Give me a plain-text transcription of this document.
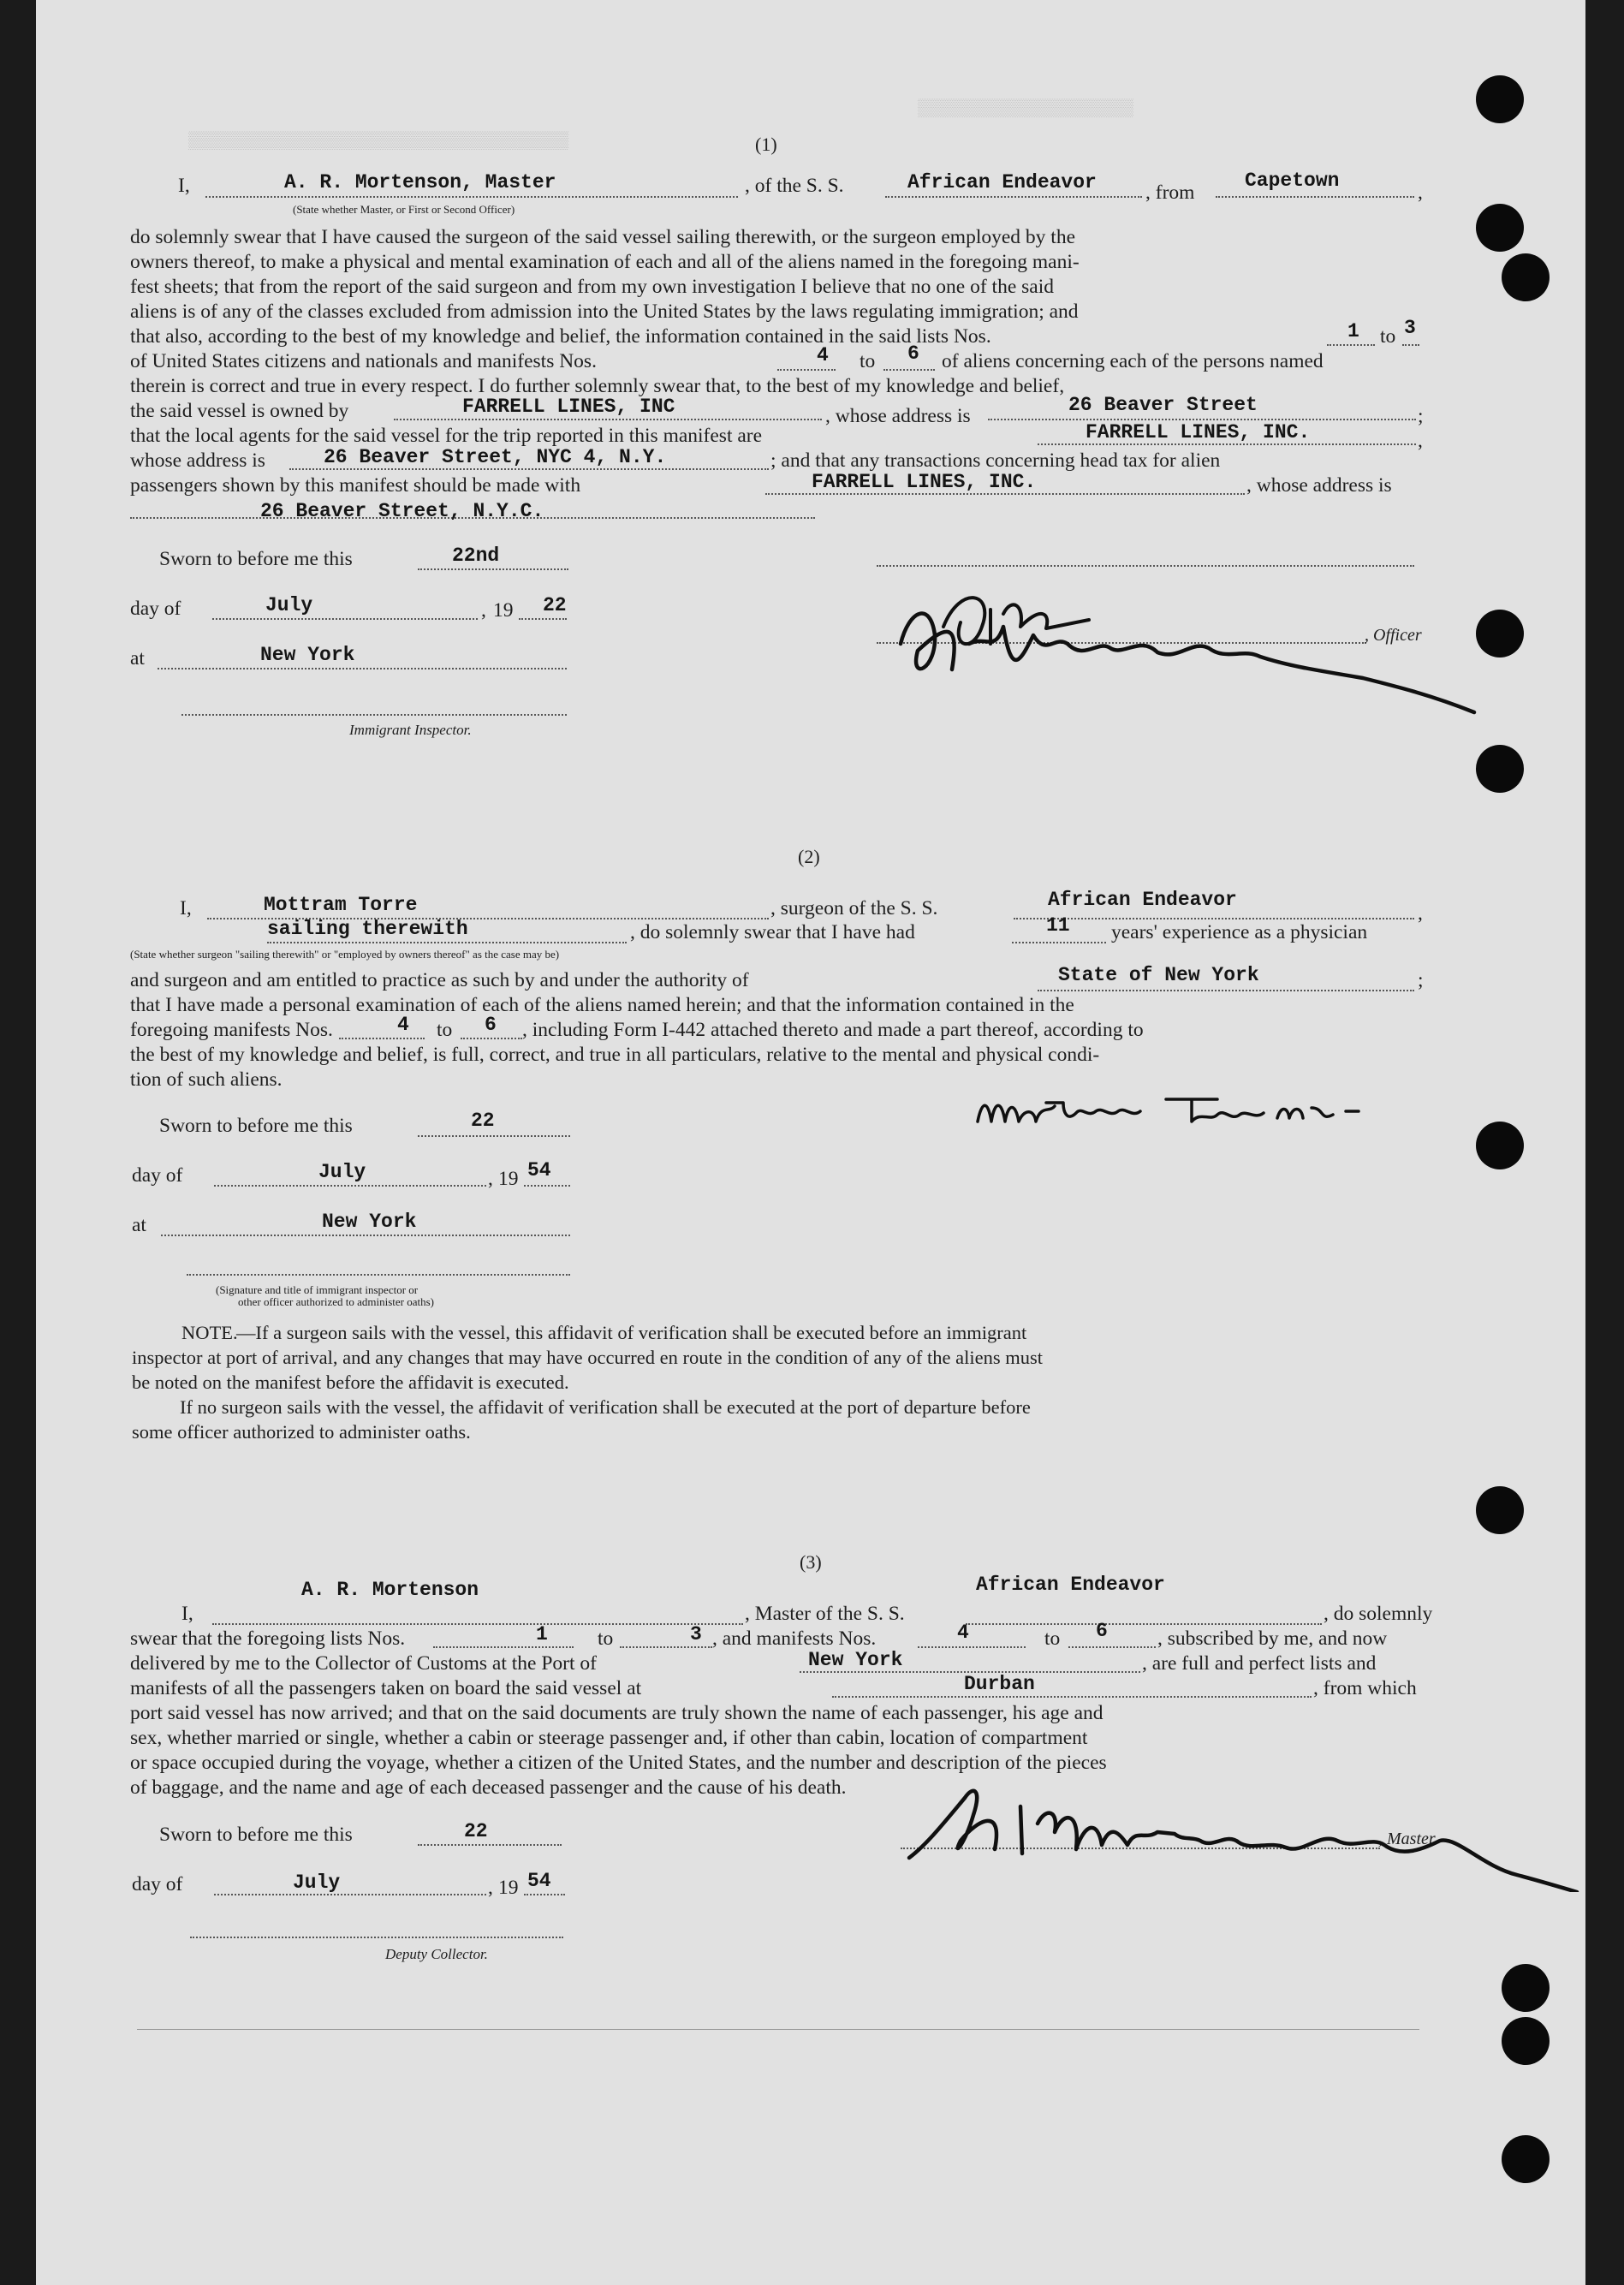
▒▒▒▒▒▒▒▒▒▒▒▒▒▒▒▒▒▒▒▒▒▒▒▒▒▒▒▒▒▒▒▒▒▒▒▒▒
▒▒▒▒▒▒▒▒▒▒▒▒▒▒▒▒▒▒▒▒▒
(1)
I,	A. R. Mortenson, Master
(State whether Master, or First or Second Officer)
, of the S. S.	African Endeavor , from
Capetown
,
do solemnly swear that I have caused the surgeon of the said vessel sailing therewith, or the surgeon employed by the
owners thereof, to make a physical and mental examination of each and all of the aliens named in the foregoing mani-
fest sheets; that from the report of the said surgeon and from my own investigation I believe that no one of the said
aliens is of any of the classes excluded from admission into the United States by the laws regulating immigration; and
that also, according to the best of my knowledge and belief, the information contained in the said lists Nos.	1 to 3
of United States citizens and nationals and manifests Nos.	4 to 6 of aliens concerning each of the persons named
therein is correct and true in every respect. I do further solemnly swear that, to the best of my knowledge and belief,
the said vessel is owned by	FARRELL LINES, INC	, whose address is	26 Beaver Street	;
that the local agents for the said vessel for the trip reported in this manifest are	FARRELL LINES, INC.	,
whose address is	26 Beaver Street, NYC 4, N.Y.	; and that any transactions concerning head tax for alien
passengers shown by this manifest should be made with	FARRELL LINES, INC.	, whose address is
26 Beaver Street, N.Y.C.
Sworn to before me this	22nd
day of	July	, 19 22
at	New York
Immigrant Inspector.
, Officer
(2)
I,	Mottram Torre	, surgeon of the S. S.	African Endeavor
,
sailing therewith
(State whether surgeon "sailing therewith" or "employed by owners thereof" as the case may be)
, do solemnly swear that I have had	11 years' experience as a physician
and surgeon and am entitled to practice as such by and under the authority of	State of New York	;
that I have made a personal examination of each of the aliens named herein; and that the information contained in the
foregoing manifests Nos.	4 to 6 , including Form I-442 attached thereto and made a part thereof, according to
the best of my knowledge and belief, is full, correct, and true in all particulars, relative to the mental and physical condi-
tion of such aliens.
Sworn to before me this	22
day of	July	, 19 54
at	New York
(Signature and title of immigrant inspector or
other officer authorized to administer oaths)
NOTE.
—If a surgeon sails with the vessel, this affidavit of verification shall be executed before an immigrant
inspector at port of arrival, and any changes that may have occurred en route in the condition of any of the aliens must
be noted on the manifest before the affidavit is executed.
If no surgeon sails with the vessel, the affidavit of verification shall be executed at the port of departure before
some officer authorized to administer oaths.
(3)
I,
A. R. Mortenson
, Master of the S. S.
African Endeavor
, do solemnly
swear that the foregoing lists Nos.	1 to	3 , and manifests Nos.	4	to 6 , subscribed by me, and now
delivered by me to the Collector of Customs at the Port of	New York	, are full and perfect lists and
manifests of all the passengers taken on board the said vessel at	Durban	, from which
port said vessel has now arrived; and that on the said documents are truly shown the name of each passenger, his age and
sex, whether married or single, whether a cabin or steerage passenger and, if other than cabin, location of compartment
or space occupied during the voyage, whether a citizen of the United States, and the number and description of the pieces
of baggage, and the name and age of each deceased passenger and the cause of his death.
Sworn to before me this	22
day of	July	, 19 54
Deputy Collector.
, Master
